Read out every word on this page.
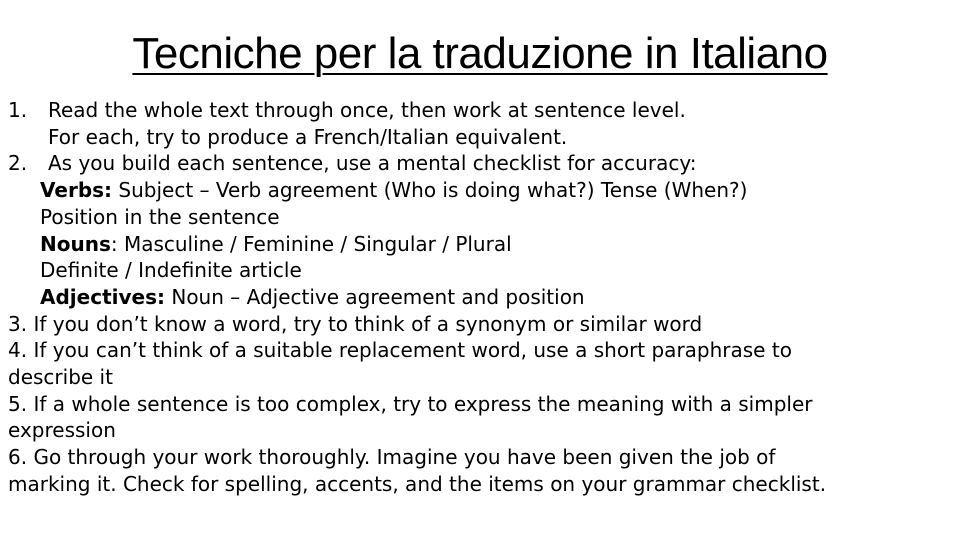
Tecniche per la traduzione in Italiano
1. Read the whole text through once, then work at sentence level.
For each, try to produce a French/Italian equivalent.
2. As you build each sentence, use a mental checklist for accuracy:
Verbs: Subject – Verb agreement (Who is doing what?) Tense (When?)
Position in the sentence
Nouns: Masculine / Feminine / Singular / Plural
Definite / Indefinite article
Adjectives: Noun – Adjective agreement and position
3. If you don’t know a word, try to think of a synonym or similar word
4. If you can’t think of a suitable replacement word, use a short paraphrase to
describe it
5. If a whole sentence is too complex, try to express the meaning with a simpler
expression
6. Go through your work thoroughly. Imagine you have been given the job of
marking it. Check for spelling, accents, and the items on your grammar checklist.
